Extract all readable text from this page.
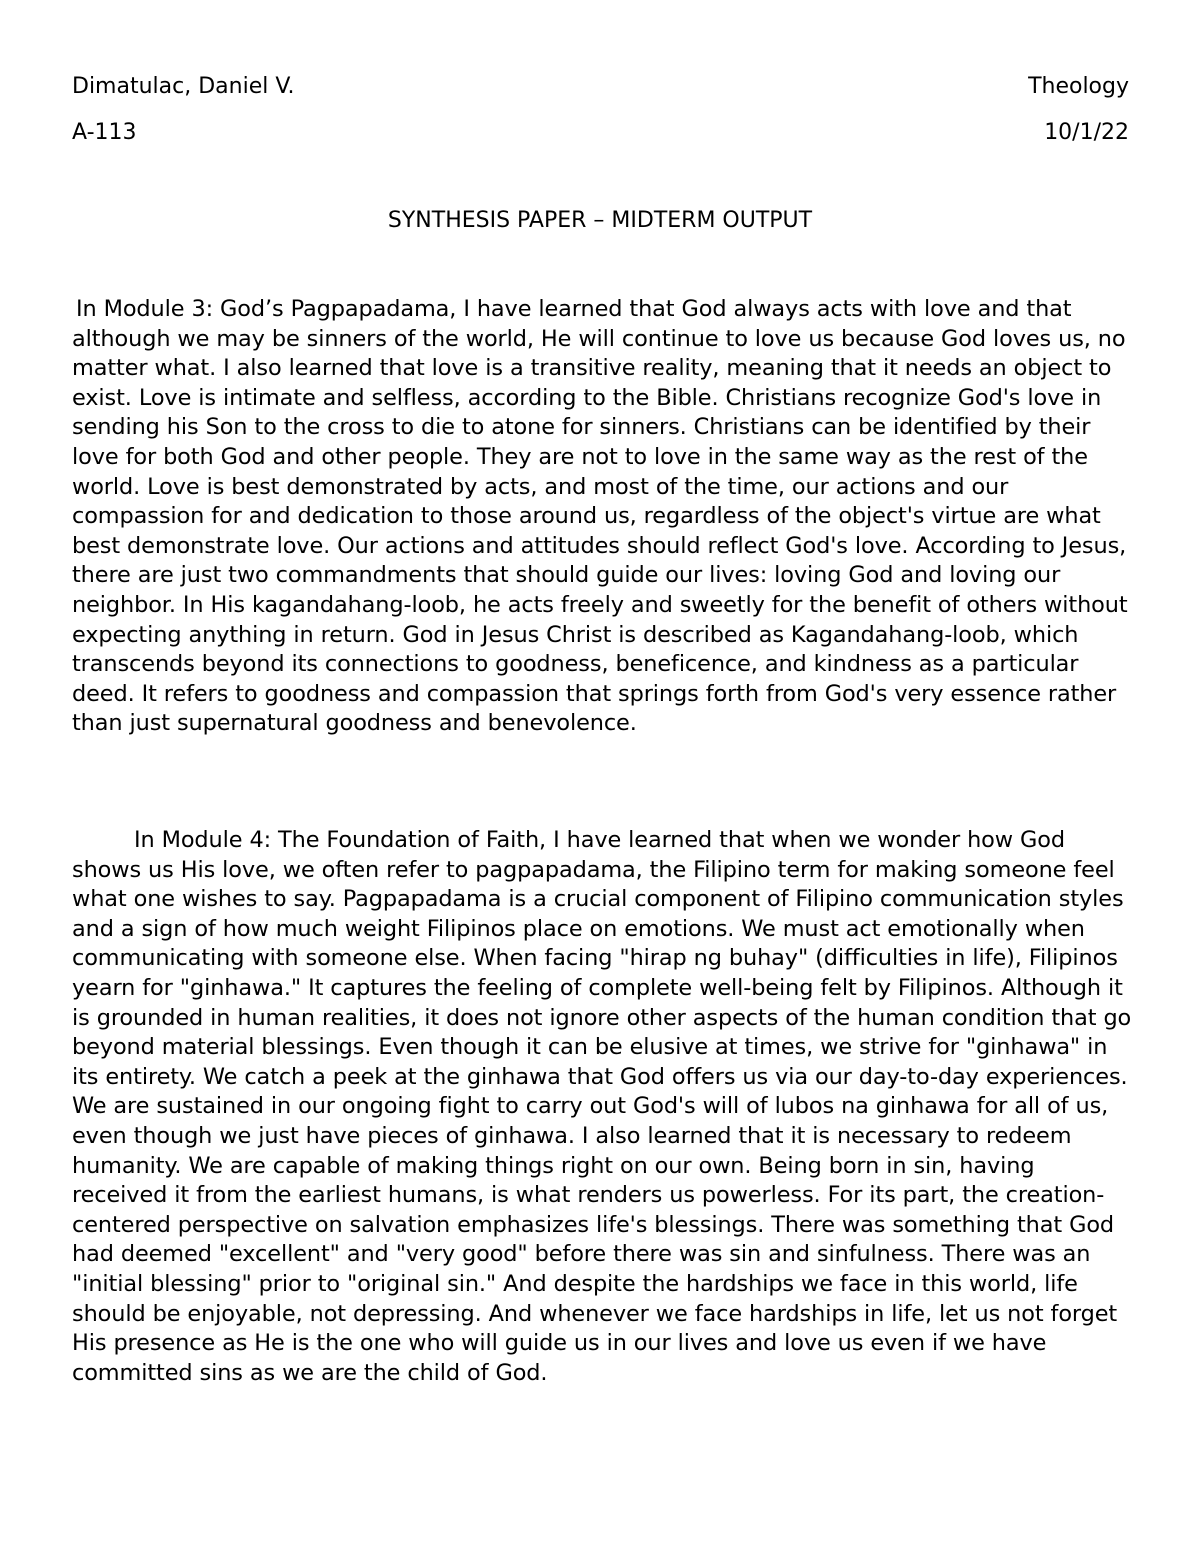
Dimatulac, Daniel V.	Theology
A-113	10/1/22
SYNTHESIS PAPER – MIDTERM OUTPUT

In Module 3: God’s Pagpapadama, I have learned that God always acts with love and that although we may be sinners of the world, He will continue to love us because God loves us, no matter what. I also learned that love is a transitive reality, meaning that it needs an object to exist. Love is intimate and selfless, according to the Bible. Christians recognize God's love in sending his Son to the cross to die to atone for sinners. Christians can be identified by their love for both God and other people. They are not to love in the same way as the rest of the world. Love is best demonstrated by acts, and most of the time, our actions and our compassion for and dedication to those around us, regardless of the object's virtue are what best demonstrate love. Our actions and attitudes should reflect God's love. According to Jesus, there are just two commandments that should guide our lives: loving God and loving our neighbor. In His kagandahang-loob, he acts freely and sweetly for the benefit of others without expecting anything in return. God in Jesus Christ is described as Kagandahang-loob, which transcends beyond its connections to goodness, beneficence, and kindness as a particular deed. It refers to goodness and compassion that springs forth from God's very essence rather than just supernatural goodness and benevolence.

In Module 4: The Foundation of Faith, I have learned that when we wonder how God shows us His love, we often refer to pagpapadama, the Filipino term for making someone feel what one wishes to say. Pagpapadama is a crucial component of Filipino communication styles and a sign of how much weight Filipinos place on emotions. We must act emotionally when communicating with someone else. When facing "hirap ng buhay" (difficulties in life), Filipinos yearn for "ginhawa." It captures the feeling of complete well-being felt by Filipinos. Although it is grounded in human realities, it does not ignore other aspects of the human condition that go beyond material blessings. Even though it can be elusive at times, we strive for "ginhawa" in its entirety. We catch a peek at the ginhawa that God offers us via our day-to-day experiences. We are sustained in our ongoing fight to carry out God's will of lubos na ginhawa for all of us, even though we just have pieces of ginhawa. I also learned that it is necessary to redeem humanity. We are capable of making things right on our own. Being born in sin, having received it from the earliest humans, is what renders us powerless. For its part, the creation-centered perspective on salvation emphasizes life's blessings. There was something that God had deemed "excellent" and "very good" before there was sin and sinfulness. There was an "initial blessing" prior to "original sin." And despite the hardships we face in this world, life should be enjoyable, not depressing. And whenever we face hardships in life, let us not forget His presence as He is the one who will guide us in our lives and love us even if we have committed sins as we are the child of God.
